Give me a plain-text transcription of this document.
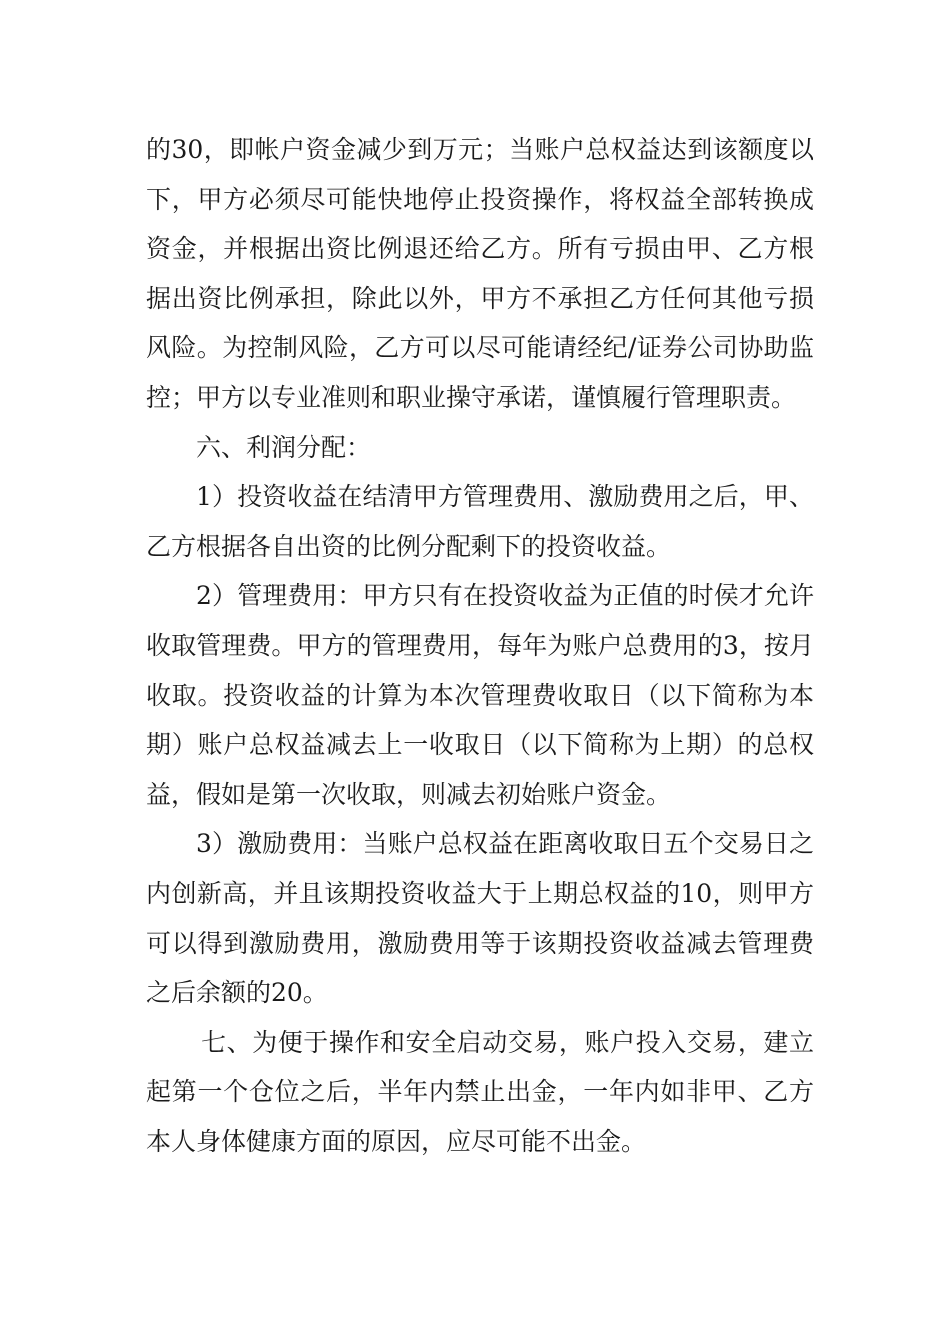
的30，即帐户资金减少到万元；当账户总权益达到该额度以下，甲方必须尽可能快地停止投资操作，将权益全部转换成资金，并根据出资比例退还给乙方。所有亏损由甲、乙方根据出资比例承担，除此以外，甲方不承担乙方任何其他亏损风险。为控制风险，乙方可以尽可能请经纪/证券公司协助监控；甲方以专业准则和职业操守承诺，谨慎履行管理职责。

六、利润分配：

1）投资收益在结清甲方管理费用、激励费用之后，甲、乙方根据各自出资的比例分配剩下的投资收益。

2）管理费用：甲方只有在投资收益为正值的时侯才允许收取管理费。甲方的管理费用，每年为账户总费用的3，按月收取。投资收益的计算为本次管理费收取日（以下简称为本期）账户总权益减去上一收取日（以下简称为上期）的总权益，假如是第一次收取，则减去初始账户资金。

3）激励费用：当账户总权益在距离收取日五个交易日之内创新高，并且该期投资收益大于上期总权益的10，则甲方可以得到激励费用，激励费用等于该期投资收益减去管理费之后余额的20。

七、为便于操作和安全启动交易，账户投入交易，建立起第一个仓位之后，半年内禁止出金，一年内如非甲、乙方本人身体健康方面的原因，应尽可能不出金。
